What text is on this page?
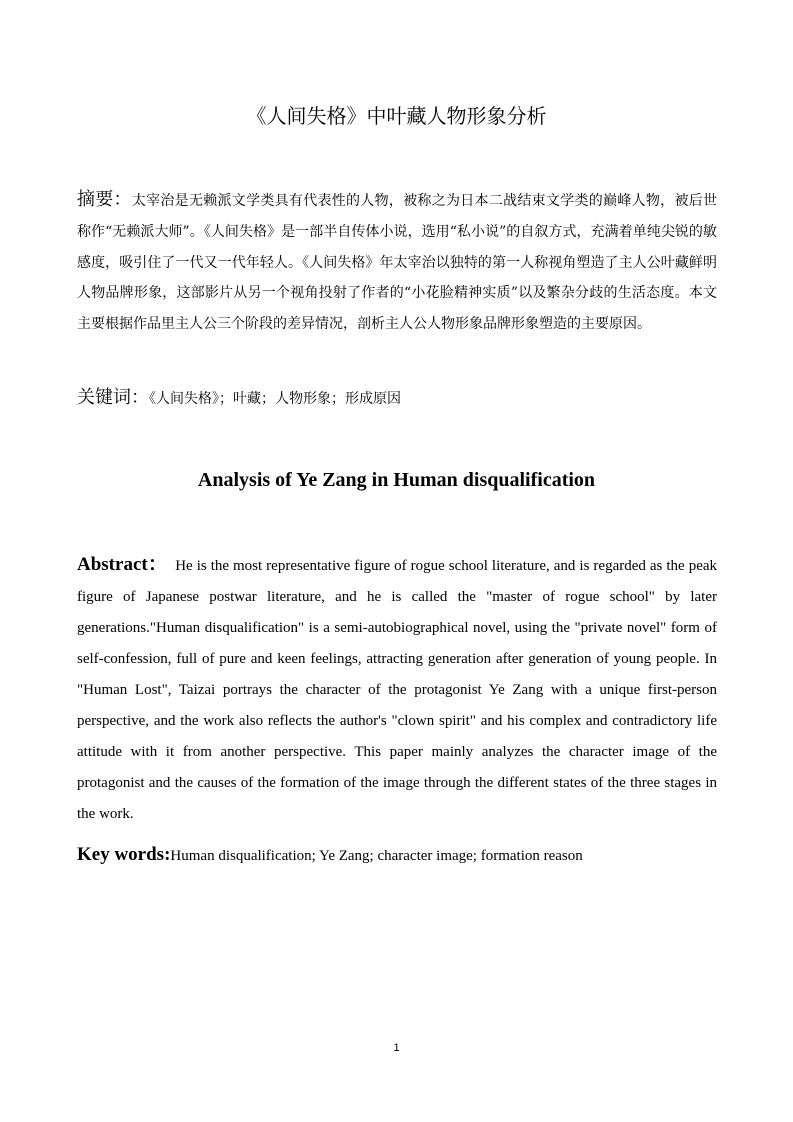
《人间失格》中叶藏人物形象分析
摘要：太宰治是无赖派文学类具有代表性的人物，被称之为日本二战结束文学类的巅峰人物，被后世称作“无赖派大师”。《人间失格》是一部半自传体小说，选用“私小说”的自叙方式，充满着单纯尖锐的敏感度，吸引住了一代又一代年轻人。《人间失格》年太宰治以独特的第一人称视角塑造了主人公叶藏鲜明人物品牌形象，这部影片从另一个视角投射了作者的“小花脸精神实质”以及繁杂分歧的生活态度。本文主要根据作品里主人公三个阶段的差异情况，剖析主人公人物形象品牌形象塑造的主要原因。
关键词：《人间失格》；叶藏；人物形象；形成原因
Analysis of Ye Zang in Human disqualification
Abstract： He is the most representative figure of rogue school literature, and is regarded as the peak figure of Japanese postwar literature, and he is called the "master of rogue school" by later generations."Human disqualification" is a semi-autobiographical novel, using the "private novel" form of self-confession, full of pure and keen feelings, attracting generation after generation of young people. In "Human Lost", Taizai portrays the character of the protagonist Ye Zang with a unique first-person perspective, and the work also reflects the author's "clown spirit" and his complex and contradictory life attitude with it from another perspective. This paper mainly analyzes the character image of the protagonist and the causes of the formation of the image through the different states of the three stages in the work.
Key words:Human disqualification; Ye Zang; character image; formation reason
1
